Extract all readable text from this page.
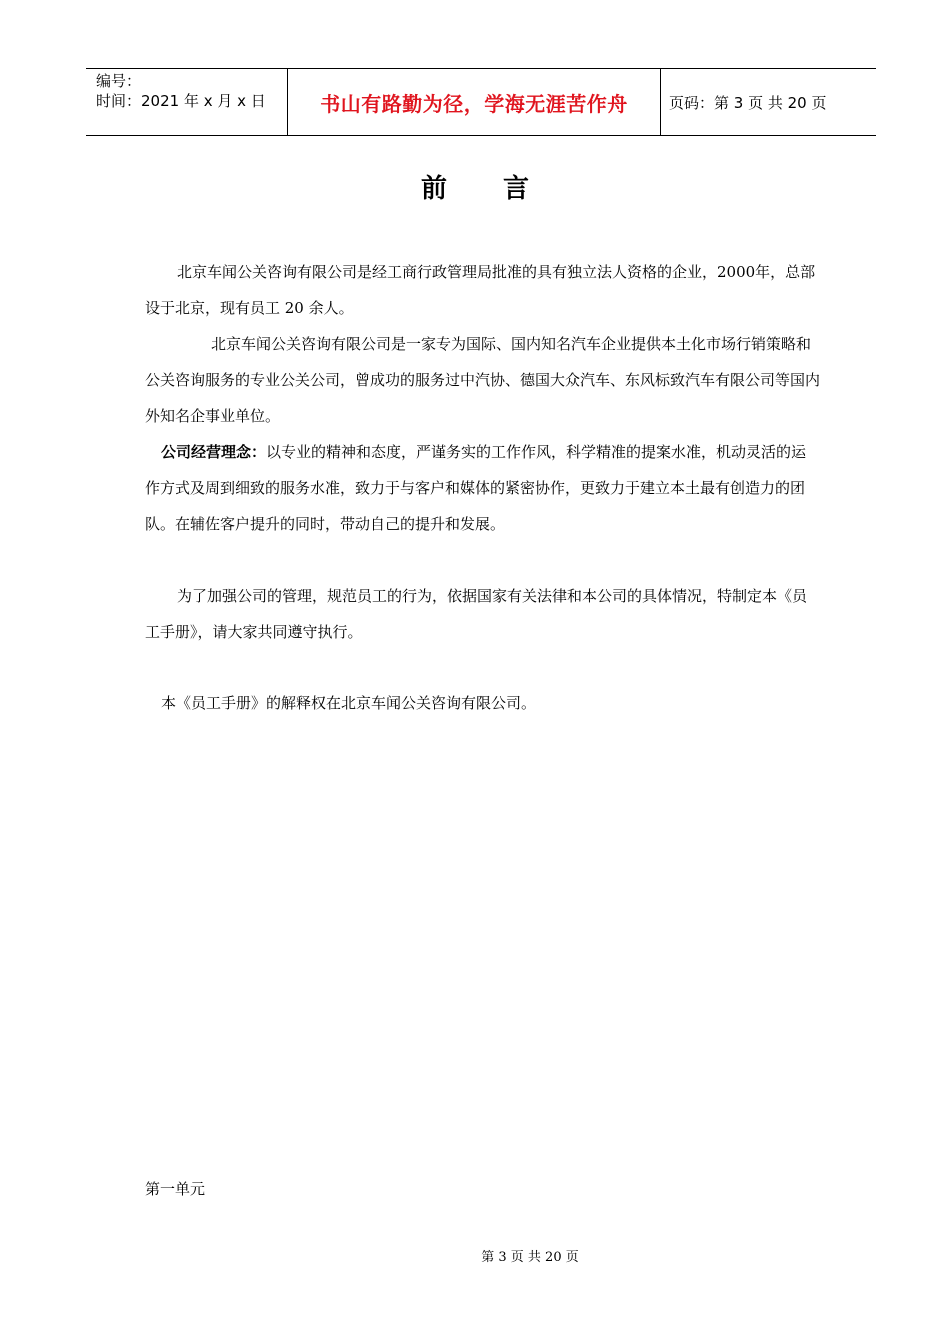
编号：
时间：2021 年 x 月 x 日	书山有路勤为径，学海无涯苦作舟	页码：第 3 页 共 20 页
前言

北京车闻公关咨询有限公司是经工商行政管理局批准的具有独立法人资格的企业，2000年，总部设于北京，现有员工 20 余人。

北京车闻公关咨询有限公司是一家专为国际、国内知名汽车企业提供本土化市场行销策略和公关咨询服务的专业公关公司，曾成功的服务过中汽协、德国大众汽车、东风标致汽车有限公司等国内外知名企事业单位。

公司经营理念：以专业的精神和态度，严谨务实的工作作风，科学精准的提案水准，机动灵活的运作方式及周到细致的服务水准，致力于与客户和媒体的紧密协作，更致力于建立本土最有创造力的团队。在辅佐客户提升的同时，带动自己的提升和发展。

为了加强公司的管理，规范员工的行为，依据国家有关法律和本公司的具体情况，特制定本《员工手册》，请大家共同遵守执行。

本《员工手册》的解释权在北京车闻公关咨询有限公司。

第一单元
第 3 页 共 20 页
